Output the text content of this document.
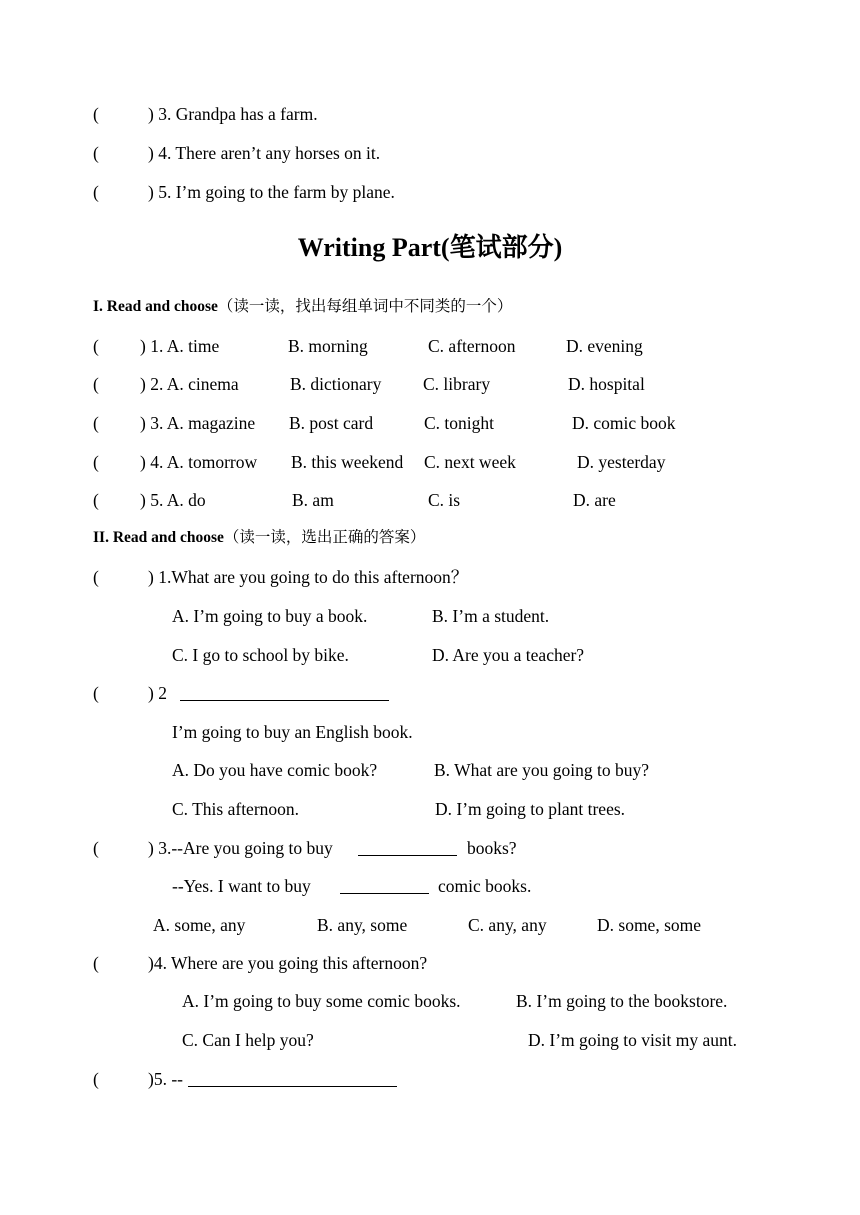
(	) 3. Grandpa has a farm.
(	) 4. There aren’t any horses on it.
(	) 5. I’m going to the farm by plane.
Writing Part(笔试部分)
I. Read and choose（读一读，找出每组单词中不同类的一个）
( ) 1. A. time	B. morning	C. afternoon	D. evening
( ) 2. A. cinema	B. dictionary C. library	D. hospital
( ) 3. A. magazine B. post card	C. tonight	D. comic book
( ) 4. A. tomorrow B. this weekend C. next week	D. yesterday
( ) 5. A. do	B. am	C. is	D. are
II. Read and choose（读一读，选出正确的答案）
(	) 1.What are you going to do this afternoon？
A. I’m going to buy a book.	B. I’m a student.
C. I go to school by bike.	D. Are you a teacher?
(	) 2
I’m going to buy an English book.
A. Do you have comic book?	B. What are you going to buy?
C. This afternoon.	D. I’m going to plant trees.
(	) 3.--Are you going to buy	books?
--Yes. I want to buy	comic books.
A. some, any	B. any, some	C. any, any	D. some, some
(	)4. Where are you going this afternoon?
A. I’m going to buy some comic books.	B. I’m going to the bookstore.
C. Can I help you?	D. I’m going to visit my aunt.
(	)5. --
